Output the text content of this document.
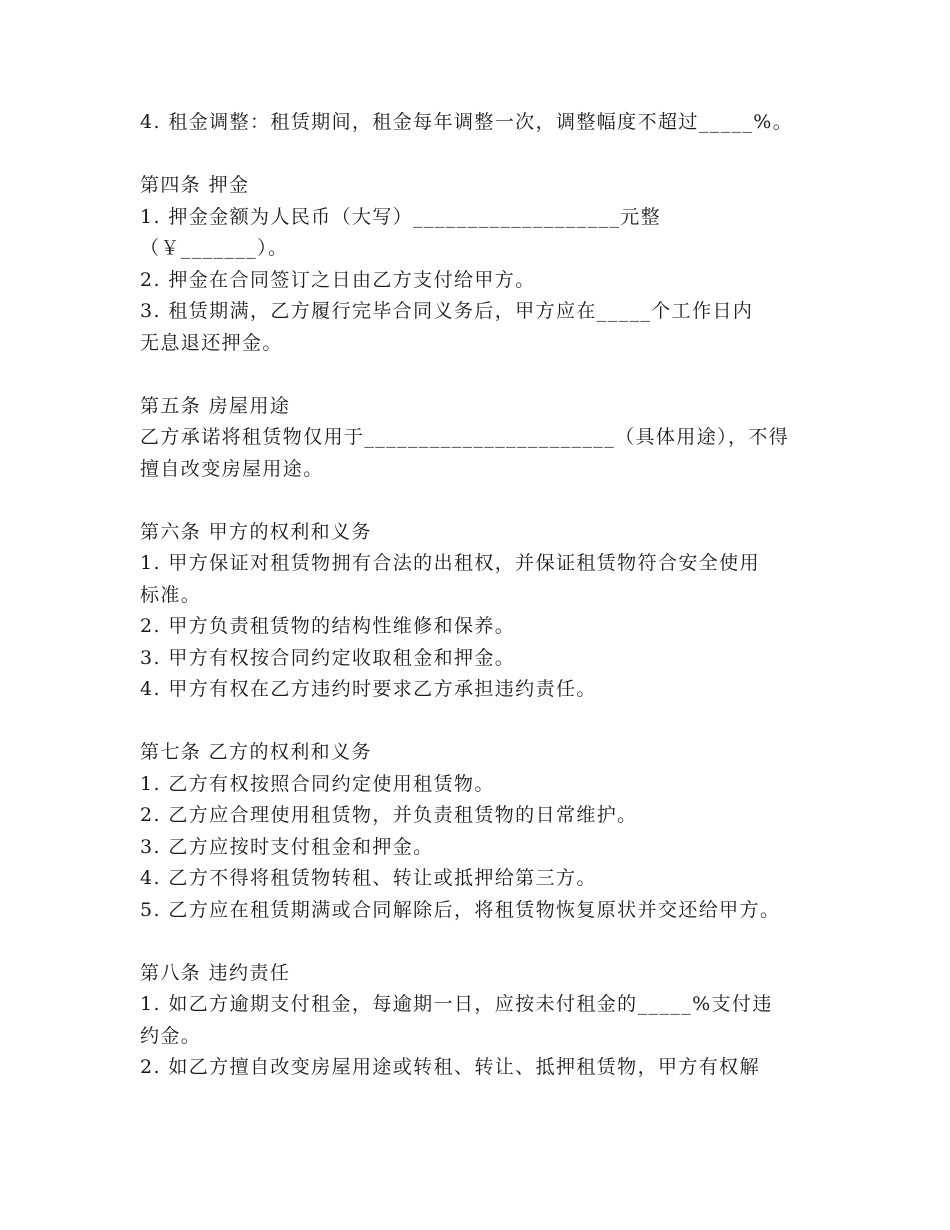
4. 租金调整：租赁期间，租金每年调整一次，调整幅度不超过_____%。
第四条 押金
1. 押金金额为人民币（大写）___________________元整
（￥_______）。
2. 押金在合同签订之日由乙方支付给甲方。
3. 租赁期满，乙方履行完毕合同义务后，甲方应在_____个工作日内
无息退还押金。
第五条 房屋用途
乙方承诺将租赁物仅用于_______________________（具体用途），不得
擅自改变房屋用途。
第六条 甲方的权利和义务
1. 甲方保证对租赁物拥有合法的出租权，并保证租赁物符合安全使用
标准。
2. 甲方负责租赁物的结构性维修和保养。
3. 甲方有权按合同约定收取租金和押金。
4. 甲方有权在乙方违约时要求乙方承担违约责任。
第七条 乙方的权利和义务
1. 乙方有权按照合同约定使用租赁物。
2. 乙方应合理使用租赁物，并负责租赁物的日常维护。
3. 乙方应按时支付租金和押金。
4. 乙方不得将租赁物转租、转让或抵押给第三方。
5. 乙方应在租赁期满或合同解除后，将租赁物恢复原状并交还给甲方。
第八条 违约责任
1. 如乙方逾期支付租金，每逾期一日，应按未付租金的_____%支付违
约金。
2. 如乙方擅自改变房屋用途或转租、转让、抵押租赁物，甲方有权解
